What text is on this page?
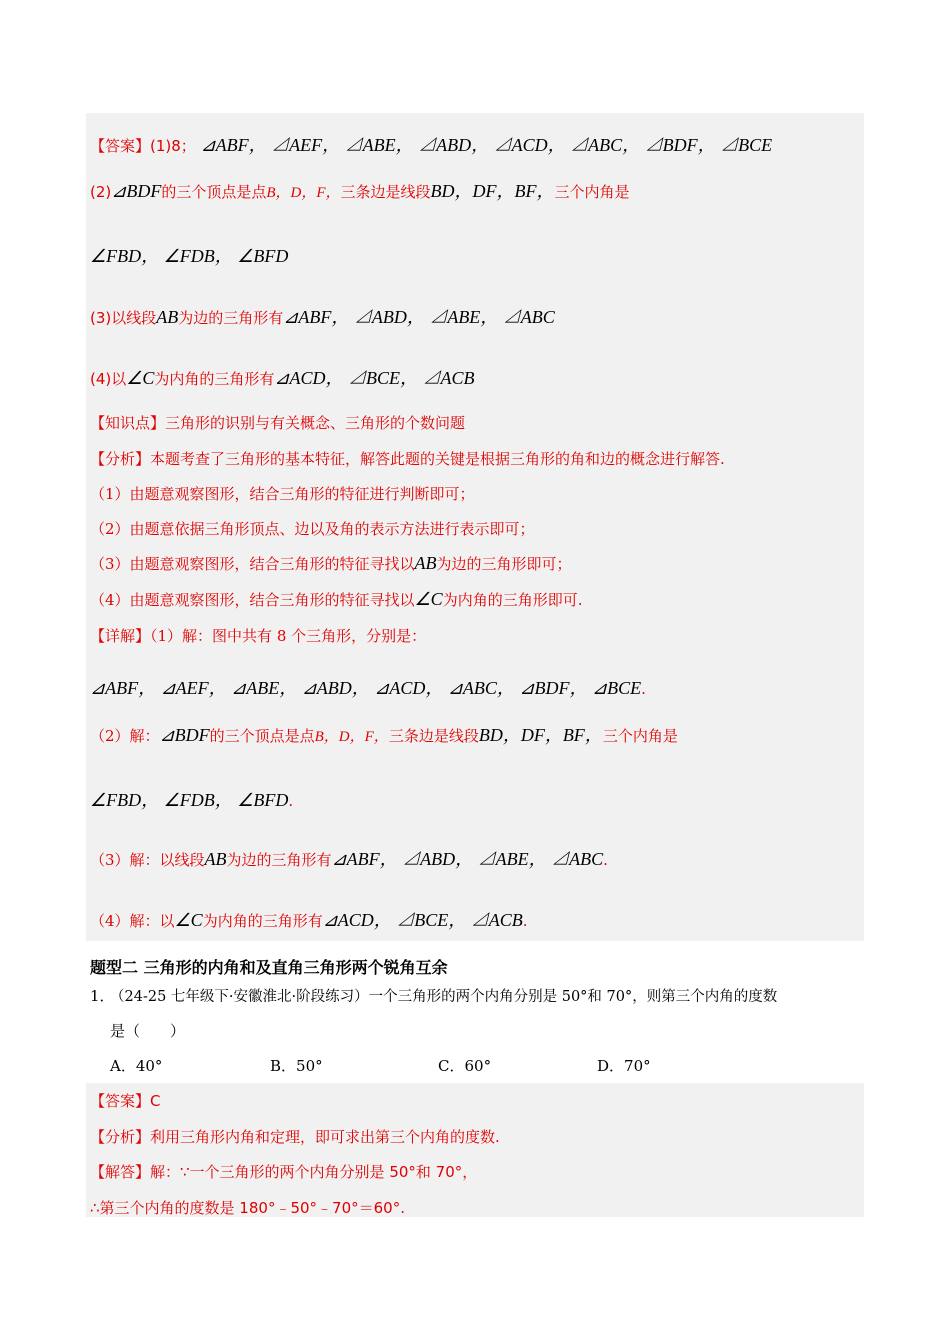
【答案】(1)8； ⊿ABF， ⊿AEF， ⊿ABE， ⊿ABD， ⊿ACD， ⊿ABC， ⊿BDF， ⊿BCE
(2)⊿BDF的三个顶点是点B，D，F，三条边是线段BD，DF，BF，三个内角是
∠FBD， ∠FDB， ∠BFD
(3)以线段AB为边的三角形有⊿ABF， ⊿ABD， ⊿ABE， ⊿ABC
(4)以∠C为内角的三角形有⊿ACD， ⊿BCE， ⊿ACB
【知识点】三角形的识别与有关概念、三角形的个数问题
【分析】本题考查了三角形的基本特征，解答此题的关键是根据三角形的角和边的概念进行解答.
（1）由题意观察图形，结合三角形的特征进行判断即可；
（2）由题意依据三角形顶点、边以及角的表示方法进行表示即可；
（3）由题意观察图形，结合三角形的特征寻找以AB为边的三角形即可；
（4）由题意观察图形，结合三角形的特征寻找以∠C为内角的三角形即可.
【详解】（1）解：图中共有 8 个三角形，分别是：
⊿ABF， ⊿AEF， ⊿ABE， ⊿ABD， ⊿ACD， ⊿ABC， ⊿BDF， ⊿BCE.
（2）解：⊿BDF的三个顶点是点B，D，F，三条边是线段BD，DF，BF，三个内角是
∠FBD， ∠FDB， ∠BFD.
（3）解：以线段AB为边的三角形有⊿ABF， ⊿ABD， ⊿ABE， ⊿ABC.
（4）解：以∠C为内角的三角形有⊿ACD， ⊿BCE， ⊿ACB.
题型二 三角形的内角和及直角三角形两个锐角互余
1．
（24-25 七年级下·安徽淮北·阶段练习）一个三角形的两个内角分别是 50°和 70°，则第三个内角的度数
是（　　）
A．40°	B．50°	C．60°	D．70°
【答案】C
【分析】利用三角形内角和定理，即可求出第三个内角的度数.
【解答】解：∵一个三角形的两个内角分别是 50°和 70°，
∴第三个内角的度数是 180°﹣50°﹣70°＝60°.
